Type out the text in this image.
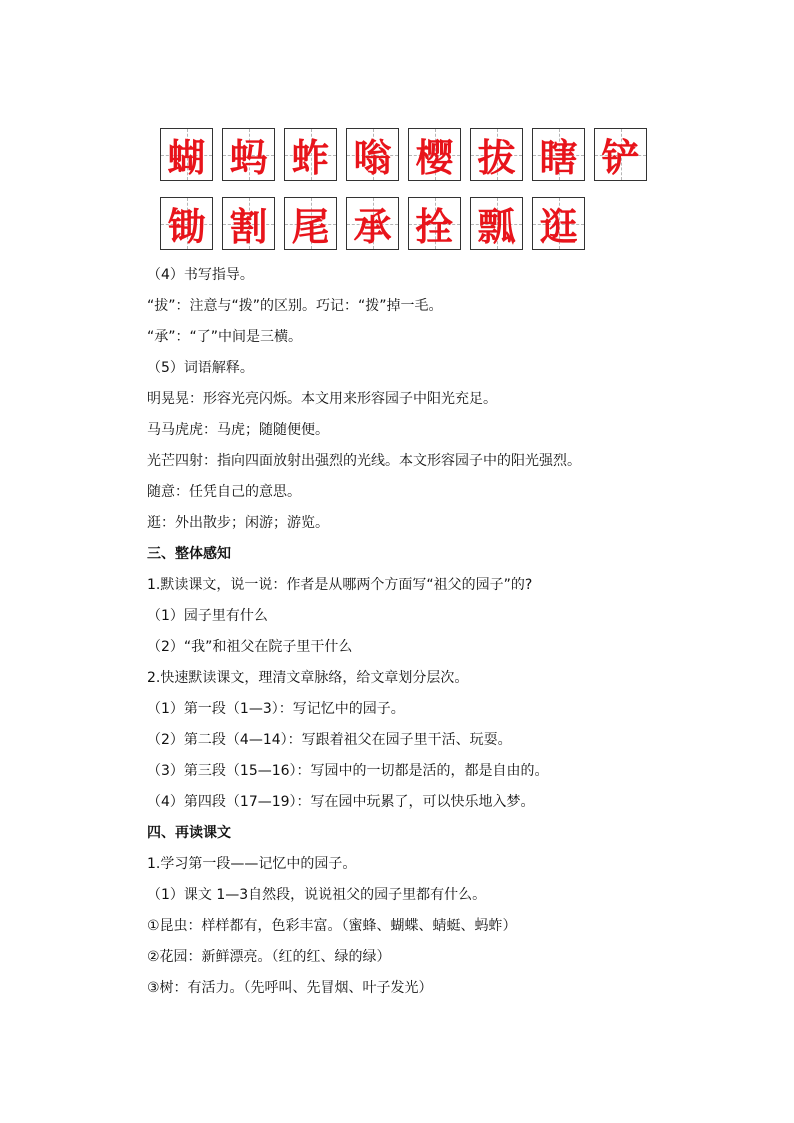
蝴 蚂 蚱 嗡 樱 拔 瞎 铲
锄 割 尾 承 拴 瓢 逛
（4）书写指导。
“拔”：注意与“拨”的区别。巧记：“拨”掉一毛。
“承”：“了”中间是三横。
（5）词语解释。
明晃晃：形容光亮闪烁。本文用来形容园子中阳光充足。
马马虎虎：马虎；随随便便。
光芒四射：指向四面放射出强烈的光线。本文形容园子中的阳光强烈。
随意：任凭自己的意思。
逛：外出散步；闲游；游览。
三、整体感知
1.默读课文，说一说：作者是从哪两个方面写“祖父的园子”的?
（1）园子里有什么
（2）“我”和祖父在院子里干什么
2.快速默读课文，理清文章脉络，给文章划分层次。
（1）第一段（1—3）：写记忆中的园子。
（2）第二段（4—14）：写跟着祖父在园子里干活、玩耍。
（3）第三段（15—16）：写园中的一切都是活的，都是自由的。
（4）第四段（17—19）：写在园中玩累了，可以快乐地入梦。
四、再读课文
1.学习第一段——记忆中的园子。
（1）课文 1—3自然段，说说祖父的园子里都有什么。
①昆虫：样样都有，色彩丰富。（蜜蜂、蝴蝶、蜻蜓、蚂蚱）
②花园：新鲜漂亮。（红的红、绿的绿）
③树：有活力。（先呼叫、先冒烟、叶子发光）
